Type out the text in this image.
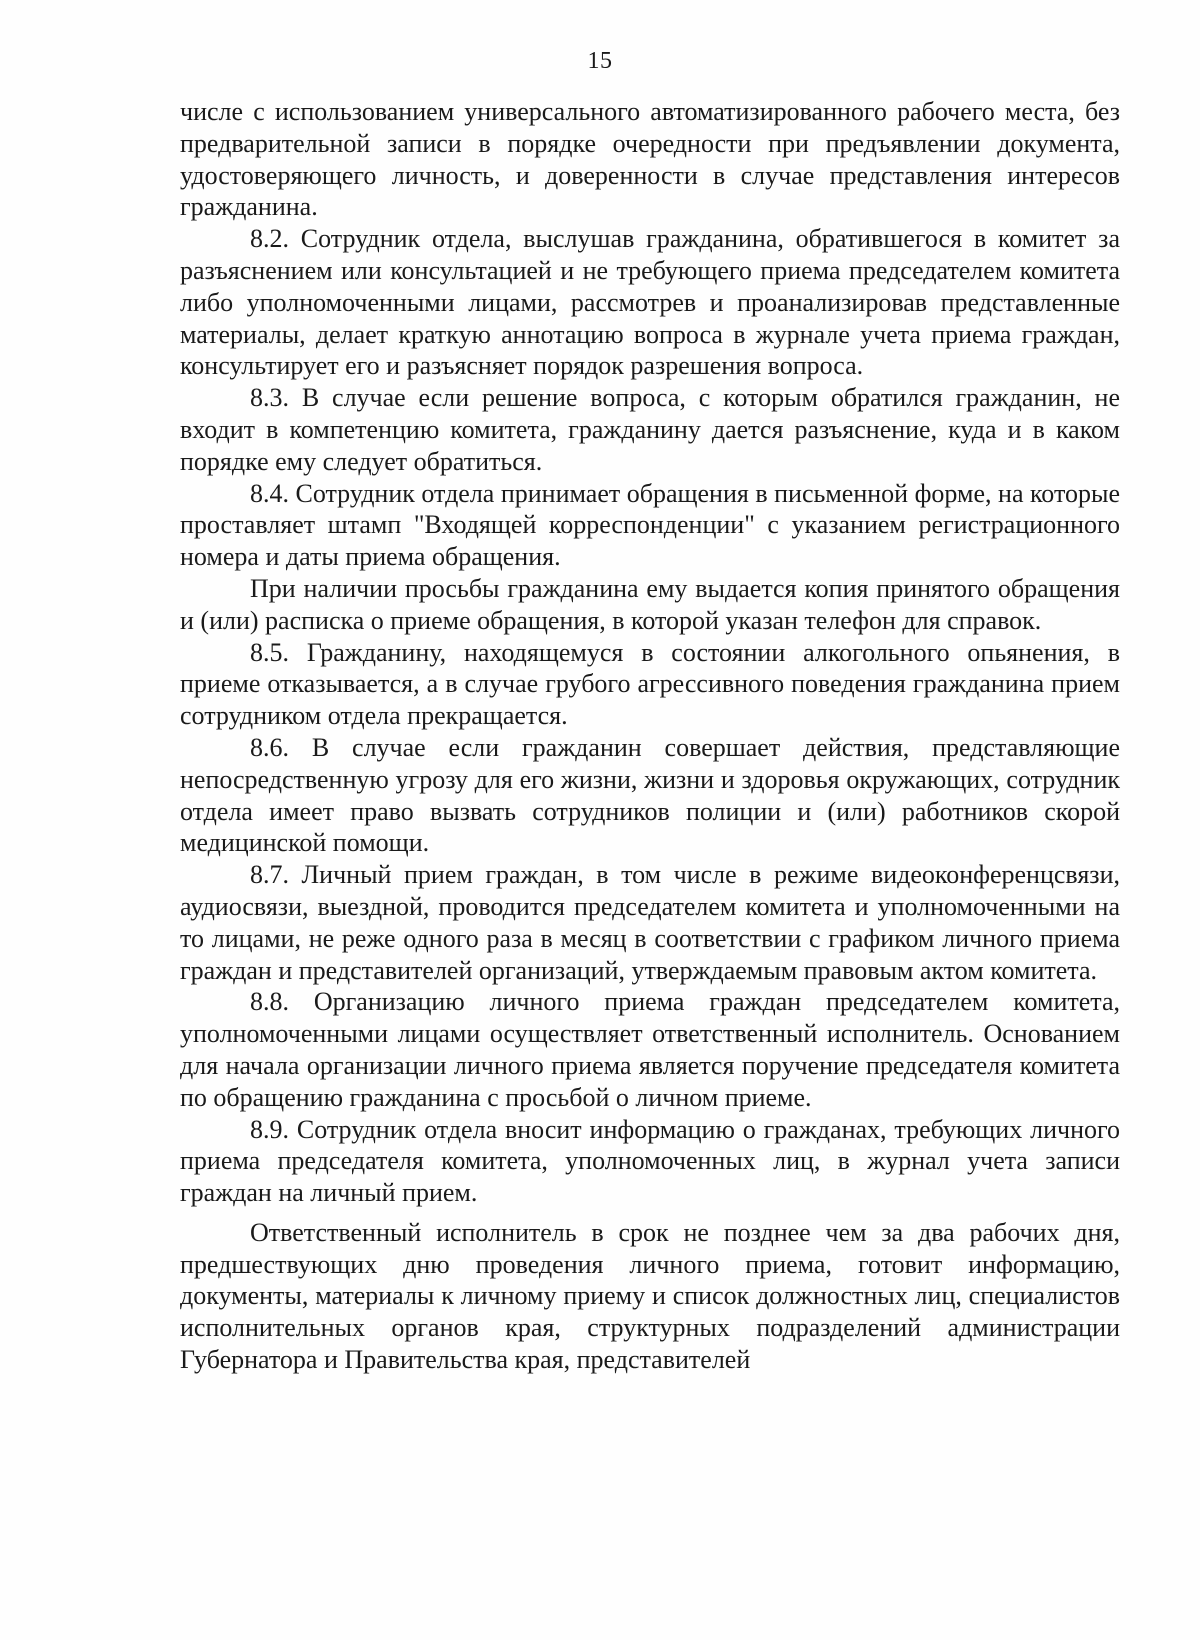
15

числе с использованием универсального автоматизированного рабочего места, без предварительной записи в порядке очередности при предъявлении документа, удостоверяющего личность, и доверенности в случае представления интересов гражданина.

8.2. Сотрудник отдела, выслушав гражданина, обратившегося в комитет за разъяснением или консультацией и не требующего приема председателем комитета либо уполномоченными лицами, рассмотрев и проанализировав представленные материалы, делает краткую аннотацию вопроса в журнале учета приема граждан, консультирует его и разъясняет порядок разрешения вопроса.

8.3. В случае если решение вопроса, с которым обратился гражданин, не входит в компетенцию комитета, гражданину дается разъяснение, куда и в каком порядке ему следует обратиться.

8.4. Сотрудник отдела принимает обращения в письменной форме, на которые проставляет штамп "Входящей корреспонденции" с указанием регистрационного номера и даты приема обращения.

При наличии просьбы гражданина ему выдается копия принятого обращения и (или) расписка о приеме обращения, в которой указан телефон для справок.

8.5. Гражданину, находящемуся в состоянии алкогольного опьянения, в приеме отказывается, а в случае грубого агрессивного поведения гражданина прием сотрудником отдела прекращается.

8.6. В случае если гражданин совершает действия, представляющие непосредственную угрозу для его жизни, жизни и здоровья окружающих, сотрудник отдела имеет право вызвать сотрудников полиции и (или) работников скорой медицинской помощи.

8.7. Личный прием граждан, в том числе в режиме видеоконференцсвязи, аудиосвязи, выездной, проводится председателем комитета и уполномоченными на то лицами, не реже одного раза в месяц в соответствии с графиком личного приема граждан и представителей организаций, утверждаемым правовым актом комитета.

8.8. Организацию личного приема граждан председателем комитета, уполномоченными лицами осуществляет ответственный исполнитель. Основанием для начала организации личного приема является поручение председателя комитета по обращению гражданина с просьбой о личном приеме.

8.9. Сотрудник отдела вносит информацию о гражданах, требующих личного приема председателя комитета, уполномоченных лиц, в журнал учета записи граждан на личный прием.

Ответственный исполнитель в срок не позднее чем за два рабочих дня, предшествующих дню проведения личного приема, готовит информацию, документы, материалы к личному приему и список должностных лиц, специалистов исполнительных органов края, структурных подразделений администрации Губернатора и Правительства края, представителей
